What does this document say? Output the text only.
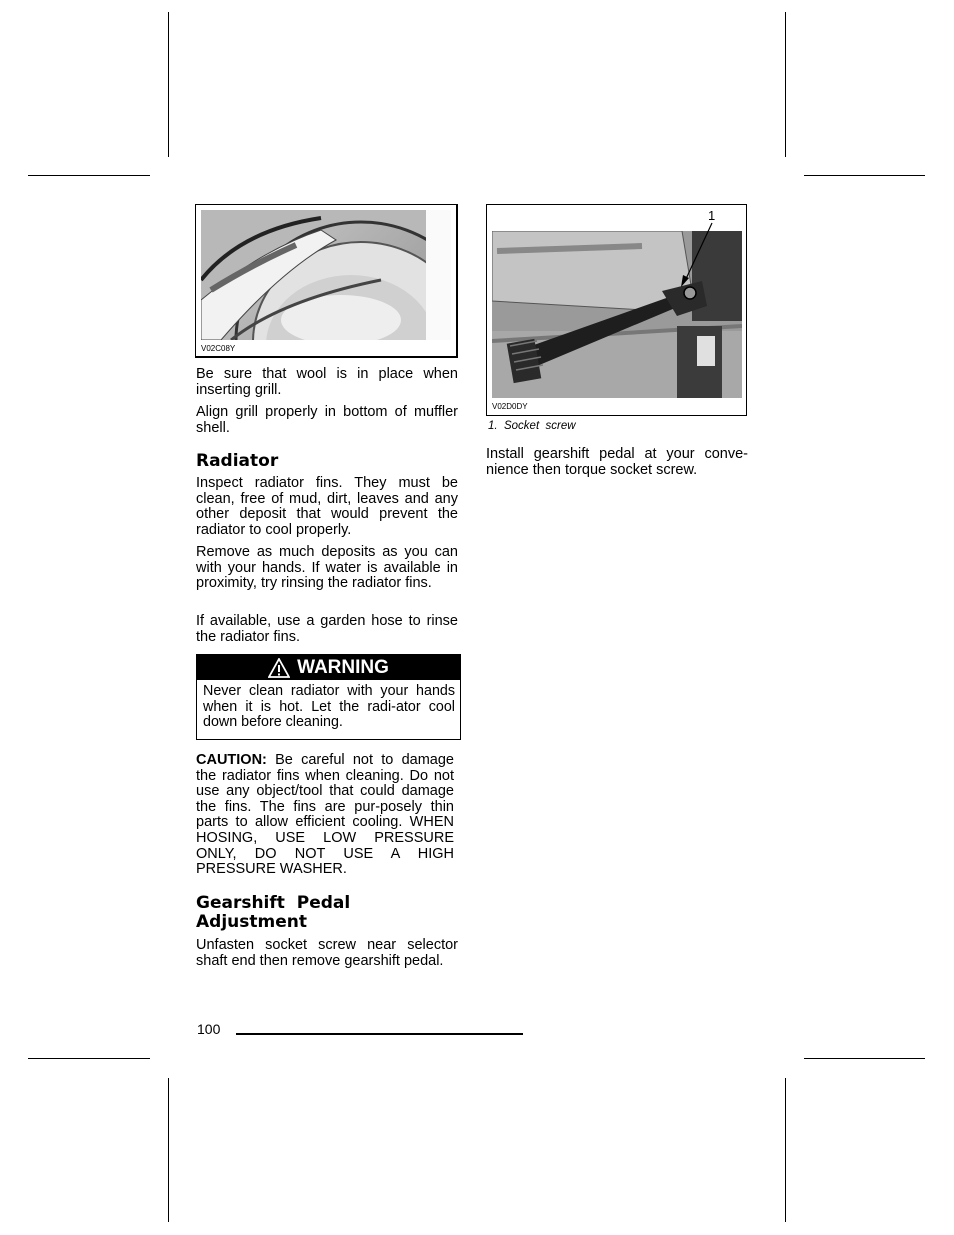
V02C08Y
Be sure that wool is in place when inserting grill.
Align grill properly in bottom of muffler shell.
Radiator
Inspect radiator fins. They must be clean, free of mud, dirt, leaves and any other deposit that would prevent the radiator to cool properly.
Remove as much deposits as you can with your hands. If water is available in proximity, try rinsing the radiator fins.
If available, use a garden hose to rinse the radiator fins.
WARNING
Never clean radiator with your hands when it is hot. Let the radi-ator cool down before cleaning.
CAUTION: Be careful not to damage the radiator fins when cleaning. Do not use any object/tool that could damage the fins. The fins are pur-posely thin parts to allow efficient cooling. WHEN HOSING, USE LOW PRESSURE ONLY, DO NOT USE A HIGH PRESSURE WASHER.
Gearshift  Pedal
Adjustment
Unfasten socket screw near selector shaft end then remove gearshift pedal.
1
V02D0DY
1.  Socket  screw
Install gearshift pedal at your conve-nience then torque socket screw.
100
